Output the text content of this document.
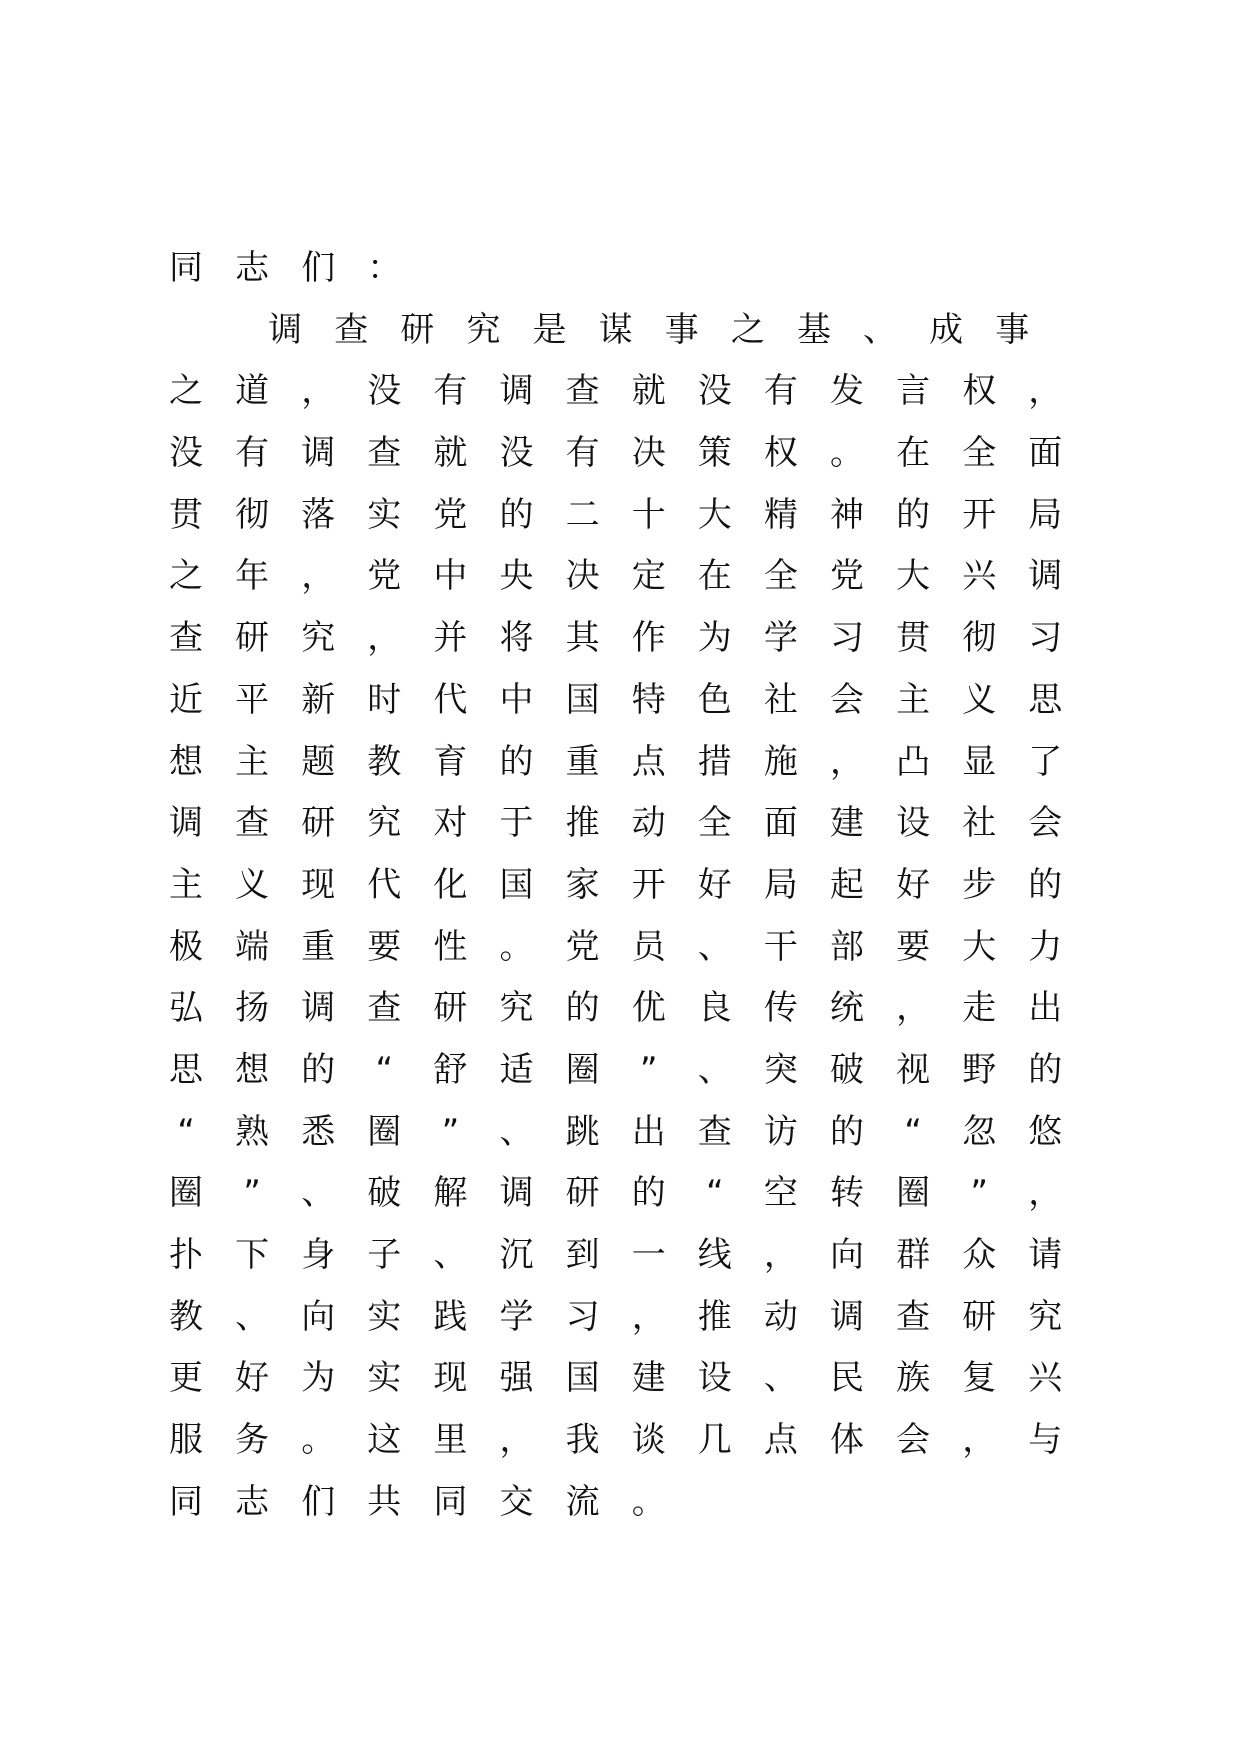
同 志 们 ：
调 查 研 究 是 谋 事 之 基 、 成 事
之 道 ， 没 有 调 查 就 没 有 发 言 权 ，
没 有 调 查 就 没 有 决 策 权 。 在 全 面
贯 彻 落 实 党 的 二 十 大 精 神 的 开 局
之 年 ， 党 中 央 决 定 在 全 党 大 兴 调
查 研 究 ， 并 将 其 作 为 学 习 贯 彻 习
近 平 新 时 代 中 国 特 色 社 会 主 义 思
想 主 题 教 育 的 重 点 措 施 ， 凸 显 了
调 查 研 究 对 于 推 动 全 面 建 设 社 会
主 义 现 代 化 国 家 开 好 局 起 好 步 的
极 端 重 要 性 。 党 员 、 干 部 要 大 力
弘 扬 调 查 研 究 的 优 良 传 统 ， 走 出
思 想 的	“	舒 适 圈	”	、 突 破 视 野 的
“	熟 悉 圈	”	、 跳 出 查 访 的	“	忽 悠
圈	”	、 破 解 调 研 的	“	空 转 圈	”	，
扑 下 身 子 、 沉 到 一 线 ， 向 群 众 请
教 、 向 实 践 学 习 ， 推 动 调 查 研 究
更 好 为 实 现 强 国 建 设 、 民 族 复 兴
服 务 。 这 里 ， 我 谈 几 点 体 会 ， 与
同 志 们 共 同 交 流 。
